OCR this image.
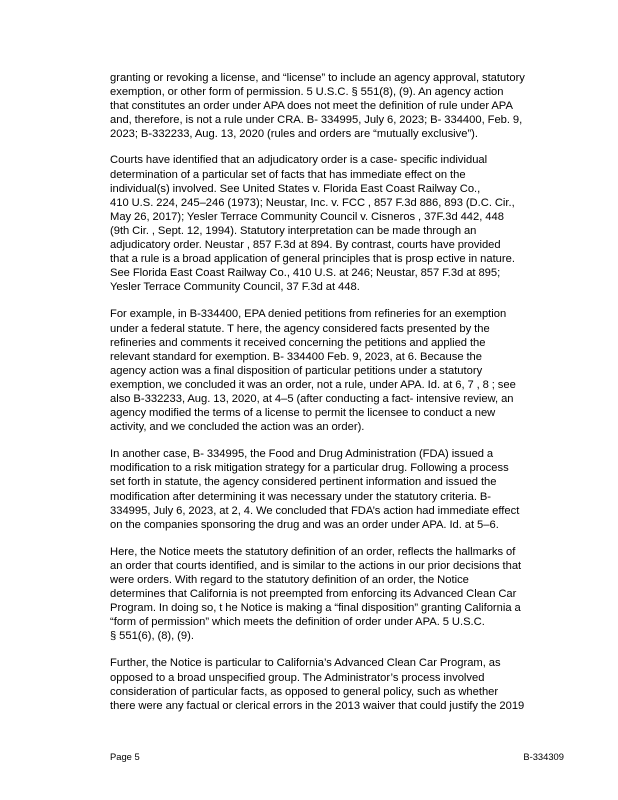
granting or revoking a license, and “license” to include an agency approval, statutory
exemption, or other form of permission. 5 U.S.C. § 551(8), (9). An agency action
that constitutes an order under APA does not meet the definition of rule under APA
and, therefore, is not a rule under CRA. B- 334995, July 6, 2023; B- 334400, Feb. 9,
2023; B-332233, Aug. 13, 2020 (rules and orders are “mutually exclusive”).

Courts have identified that an adjudicatory order is a case- specific individual
determination of a particular set of facts that has immediate effect on the
individual(s) involved. See United States v. Florida East Coast Railway Co.,
410 U.S. 224, 245–246 (1973); Neustar, Inc. v. FCC , 857 F.3d 886, 893 (D.C. Cir.,
May 26, 2017); Yesler Terrace Community Council v. Cisneros , 37F.3d 442, 448
(9th Cir. , Sept. 12, 1994). Statutory interpretation can be made through an
adjudicatory order. Neustar , 857 F.3d at 894. By contrast, courts have provided
that a rule is a broad application of general principles that is prosp ective in nature.
See Florida East Coast Railway Co., 410 U.S. at 246; Neustar, 857 F.3d at 895;
Yesler Terrace Community Council, 37 F.3d at 448.

For example, in B-334400, EPA denied petitions from refineries for an exemption
under a federal statute. T here, the agency considered facts presented by the
refineries and comments it received concerning the petitions and applied the
relevant standard for exemption. B- 334400 Feb. 9, 2023, at 6. Because the
agency action was a final disposition of particular petitions under a statutory
exemption, we concluded it was an order, not a rule, under APA. Id. at 6, 7 , 8 ; see
also B-332233, Aug. 13, 2020, at 4–5 (after conducting a fact- intensive review, an
agency modified the terms of a license to permit the licensee to conduct a new
activity, and we concluded the action was an order).

In another case, B- 334995, the Food and Drug Administration (FDA) issued a
modification to a risk mitigation strategy for a particular drug. Following a process
set forth in statute, the agency considered pertinent information and issued the
modification after determining it was necessary under the statutory criteria. B-
334995, July 6, 2023, at 2, 4. We concluded that FDA’s action had immediate effect
on the companies sponsoring the drug and was an order under APA. Id. at 5–6.

Here, the Notice meets the statutory definition of an order, reflects the hallmarks of
an order that courts identified, and is similar to the actions in our prior decisions that
were orders. With regard to the statutory definition of an order, the Notice
determines that California is not preempted from enforcing its Advanced Clean Car
Program. In doing so, t he Notice is making a “final disposition” granting California a
“form of permission” which meets the definition of order under APA. 5 U.S.C.
§ 551(6), (8), (9).

Further, the Notice is particular to California’s Advanced Clean Car Program, as
opposed to a broad unspecified group. The Administrator’s process involved
consideration of particular facts, as opposed to general policy, such as whether
there were any factual or clerical errors in the 2013 waiver that could justify the 2019

Page 5	B-334309
